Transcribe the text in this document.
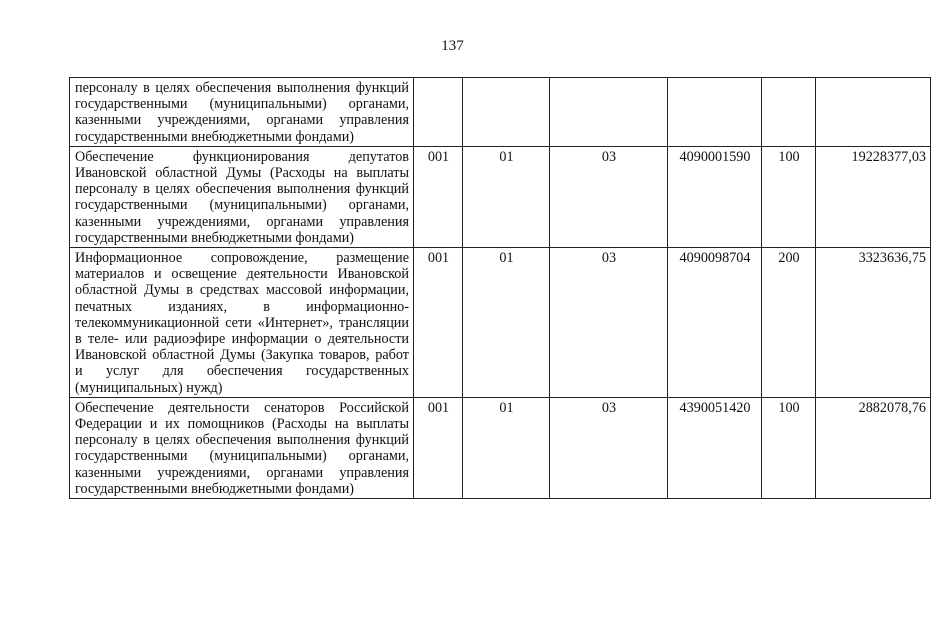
137
персоналу в целях обеспечения выполнения функций государственными (муниципальными) органами, казенными учреждениями, органами управления государственными внебюджетными фондами)						
Обеспечение функционирования депутатов Ивановской областной Думы (Расходы на выплаты персоналу в целях обеспечения выполнения функций государственными (муниципальными) органами, казенными учреждениями, органами управления государственными внебюджетными фондами)	001	01	03	4090001590	100	19228377,03
Информационное сопровождение, размещение материалов и освещение деятельности Ивановской областной Думы в средствах массовой информации, печатных изданиях, в информационно-телекоммуникационной сети «Интернет», трансляции в теле- или радиоэфире информации о деятельности Ивановской областной Думы (Закупка товаров, работ и услуг для обеспечения государственных (муниципальных) нужд)	001	01	03	4090098704	200	3323636,75
Обеспечение деятельности сенаторов Российской Федерации и их помощников (Расходы на выплаты персоналу в целях обеспечения выполнения функций государственными (муниципальными) органами, казенными учреждениями, органами управления государственными внебюджетными фондами)	001	01	03	4390051420	100	2882078,76
